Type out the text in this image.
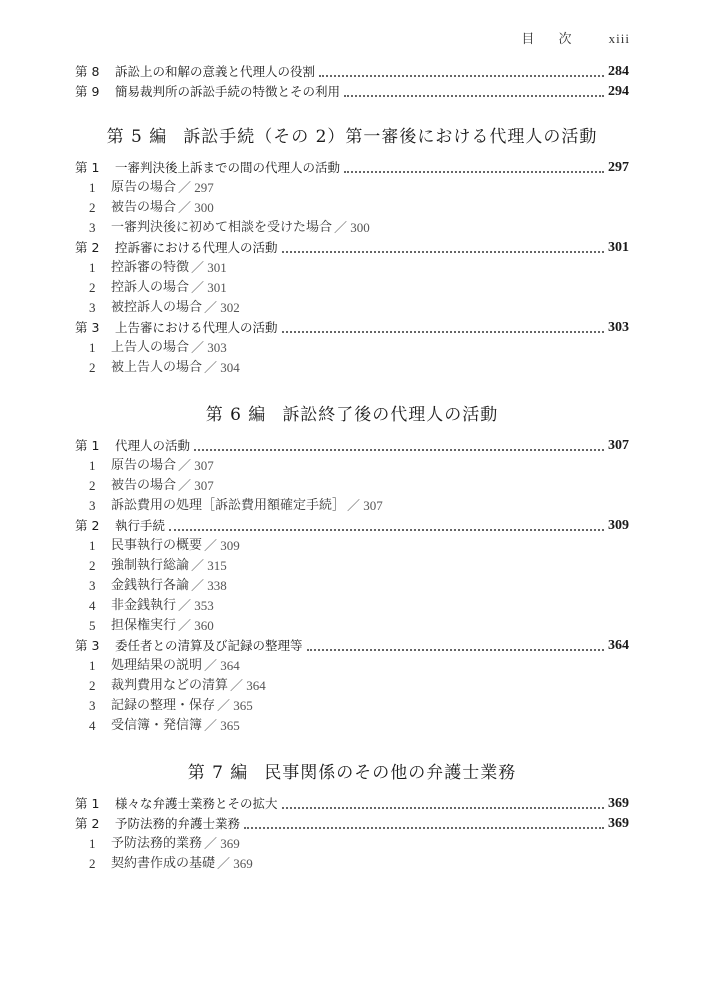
目 次 xiii
第 8	訴訟上の和解の意義と代理人の役割	284
第 9	簡易裁判所の訴訟手続の特徴とその利用	294
第 5 編 訴訟手続（その 2）第一審後における代理人の活動
第 1	一審判決後上訴までの間の代理人の活動	297
1	原告の場合 ／ 297
2	被告の場合 ／ 300
3	一審判決後に初めて相談を受けた場合 ／ 300
第 2	控訴審における代理人の活動	301
1	控訴審の特徴 ／ 301
2	控訴人の場合 ／ 301
3	被控訴人の場合 ／ 302
第 3	上告審における代理人の活動	303
1	上告人の場合 ／ 303
2	被上告人の場合 ／ 304
第 6 編 訴訟終了後の代理人の活動
第 1	代理人の活動	307
1	原告の場合 ／ 307
2	被告の場合 ／ 307
3	訴訟費用の処理［訴訟費用額確定手続］ ／ 307
第 2	執行手続	309
1	民事執行の概要 ／ 309
2	強制執行総論 ／ 315
3	金銭執行各論 ／ 338
4	非金銭執行 ／ 353
5	担保権実行 ／ 360
第 3	委任者との清算及び記録の整理等	364
1	処理結果の説明 ／ 364
2	裁判費用などの清算 ／ 364
3	記録の整理・保存 ／ 365
4	受信簿・発信簿 ／ 365
第 7 編 民事関係のその他の弁護士業務
第 1	様々な弁護士業務とその拡大	369
第 2	予防法務的弁護士業務	369
1	予防法務的業務 ／ 369
2	契約書作成の基礎 ／ 369
